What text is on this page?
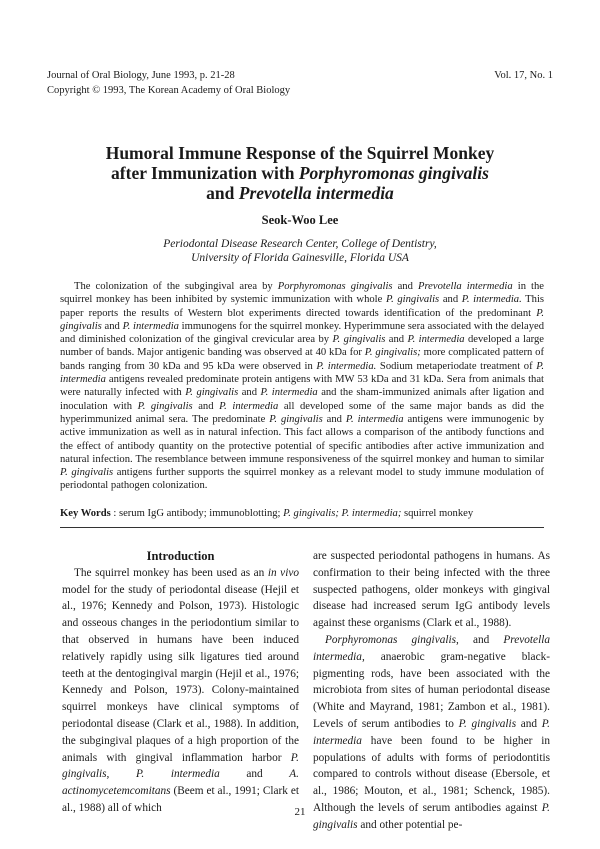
Journal of Oral Biology, June 1993, p. 21-28
Copyright © 1993, The Korean Academy of Oral Biology
Vol. 17, No. 1
Humoral Immune Response of the Squirrel Monkey
after Immunization with Porphyromonas gingivalis
and Prevotella intermedia
Seok-Woo Lee
Periodontal Disease Research Center, College of Dentistry,
University of Florida Gainesville, Florida USA

The colonization of the subgingival area by Porphyromonas gingivalis and Prevotella intermedia in the squirrel monkey has been inhibited by systemic immunization with whole P. gingivalis and P. intermedia. This paper reports the results of Western blot experiments directed towards identification of the predominant P. gingivalis and P. intermedia immunogens for the squirrel monkey. Hyperimmune sera associated with the delayed and diminished colonization of the gingival crevicular area by P. gingivalis and P. intermedia developed a large number of bands. Major antigenic banding was observed at 40 kDa for P. gingivalis; more complicated pattern of bands ranging from 30 kDa and 95 kDa were observed in P. intermedia. Sodium metaperiodate treatment of P. intermedia antigens revealed predominate protein antigens with MW 53 kDa and 31 kDa. Sera from animals that were naturally infected with P. gingivalis and P. intermedia and the sham-immunized animals after ligation and inoculation with P. gingivalis and P. intermedia all developed some of the same major bands as did the hyperimmunized animal sera. The predominate P. gingivalis and P. intermedia antigens were immunogenic by active immunization as well as in natural infection. This fact allows a comparison of the antibody functions and the effect of antibody quantity on the protective potential of specific antibodies after active immunization and natural infection. The resemblance between immune responsiveness of the squirrel monkey and human to similar P. gingivalis antigens further supports the squirrel monkey as a relevant model to study immune modulation of periodontal pathogen colonization.

Key Words : serum IgG antibody; immunoblotting; P. gingivalis; P. intermedia; squirrel monkey

Introduction

The squirrel monkey has been used as an in vivo model for the study of periodontal disease (Hejil et al., 1976; Kennedy and Polson, 1973). Histologic and osseous changes in the periodontium similar to that observed in humans have been induced relatively rapidly using silk ligatures tied around teeth at the dentogingival margin (Hejil et al., 1976; Kennedy and Polson, 1973). Colony-maintained squirrel monkeys have clinical symptoms of periodontal disease (Clark et al., 1988). In addition, the subgingival plaques of a high proportion of the animals with gingival inflammation harbor P. gingivalis, P. intermedia and A. actinomycetemcomitans (Beem et al., 1991; Clark et al., 1988) all of which

are suspected periodontal pathogens in humans. As confirmation to their being infected with the three suspected pathogens, older monkeys with gingival disease had increased serum IgG antibody levels against these organisms (Clark et al., 1988).

Porphyromonas gingivalis, and Prevotella intermedia, anaerobic gram-negative black-pigmenting rods, have been associated with the microbiota from sites of human periodontal disease (White and Mayrand, 1981; Zambon et al., 1981). Levels of serum antibodies to P. gingivalis and P. intermedia have been found to be higher in populations of adults with forms of periodontitis compared to controls without disease (Ebersole, et al., 1986; Mouton, et al., 1981; Schenck, 1985). Although the levels of serum antibodies against P. gingivalis and other potential pe-

21
